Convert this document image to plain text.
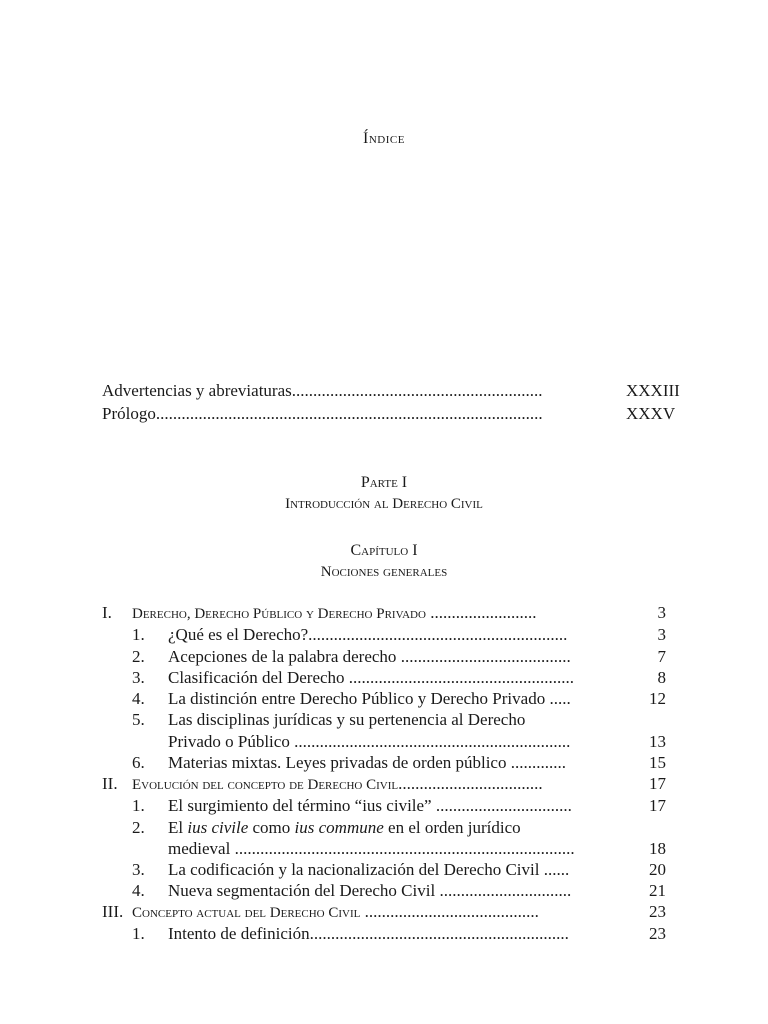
Índice
Advertencias y abreviaturas...........................................................	XXXIII
Prólogo...........................................................................................	XXXV
Parte I
Introducción al Derecho Civil
Capítulo I
Nociones generales
I. Derecho, Derecho Público y Derecho Privado .........................	3
1. ¿Qué es el Derecho?.............................................................	3
2. Acepciones de la palabra derecho ........................................	7
3. Clasificación del Derecho .....................................................	8
4. La distinción entre Derecho Público y Derecho Privado .....	12
5. Las disciplinas jurídicas y su pertenencia al Derecho
Privado o Público .................................................................	13
6. Materias mixtas. Leyes privadas de orden público .............	15
II. Evolución del concepto de Derecho Civil..................................	17
1. El surgimiento del término “ius civile” ................................	17
2. El ius civile como ius commune en el orden jurídico
medieval ................................................................................	18
3. La codificación y la nacionalización del Derecho Civil ......	20
4. Nueva segmentación del Derecho Civil ...............................	21
III. Concepto actual del Derecho Civil .........................................	23
1. Intento de definición.............................................................	23
